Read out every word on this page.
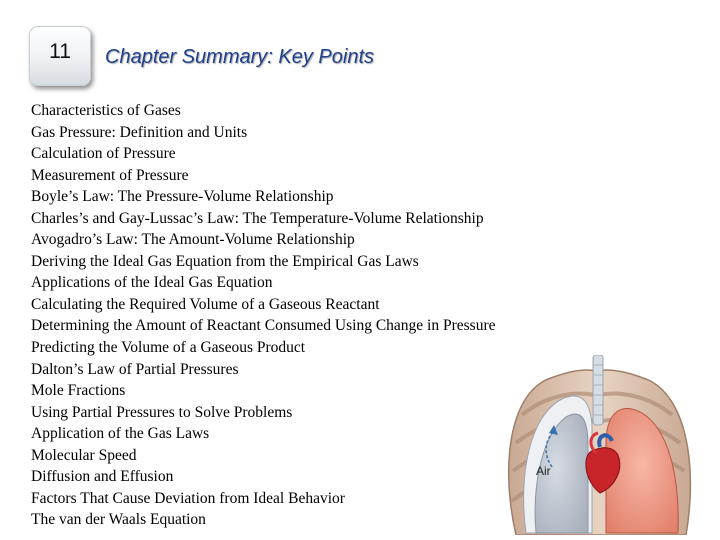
11 Chapter Summary: Key Points
Characteristics of Gases
Gas Pressure: Definition and Units
Calculation of Pressure
Measurement of Pressure
Boyle’s Law: The Pressure-Volume Relationship
Charles’s and Gay-Lussac’s Law: The Temperature-Volume Relationship
Avogadro’s Law: The Amount-Volume Relationship
Deriving the Ideal Gas Equation from the Empirical Gas Laws
Applications of the Ideal Gas Equation
Calculating the Required Volume of a Gaseous Reactant
Determining the Amount of Reactant Consumed Using Change in Pressure
Predicting the Volume of a Gaseous Product
Dalton’s Law of Partial Pressures
Mole Fractions
Using Partial Pressures to Solve Problems
Application of the Gas Laws
Molecular Speed
Diffusion and Effusion
Factors That Cause Deviation from Ideal Behavior
The van der Waals Equation
Air
